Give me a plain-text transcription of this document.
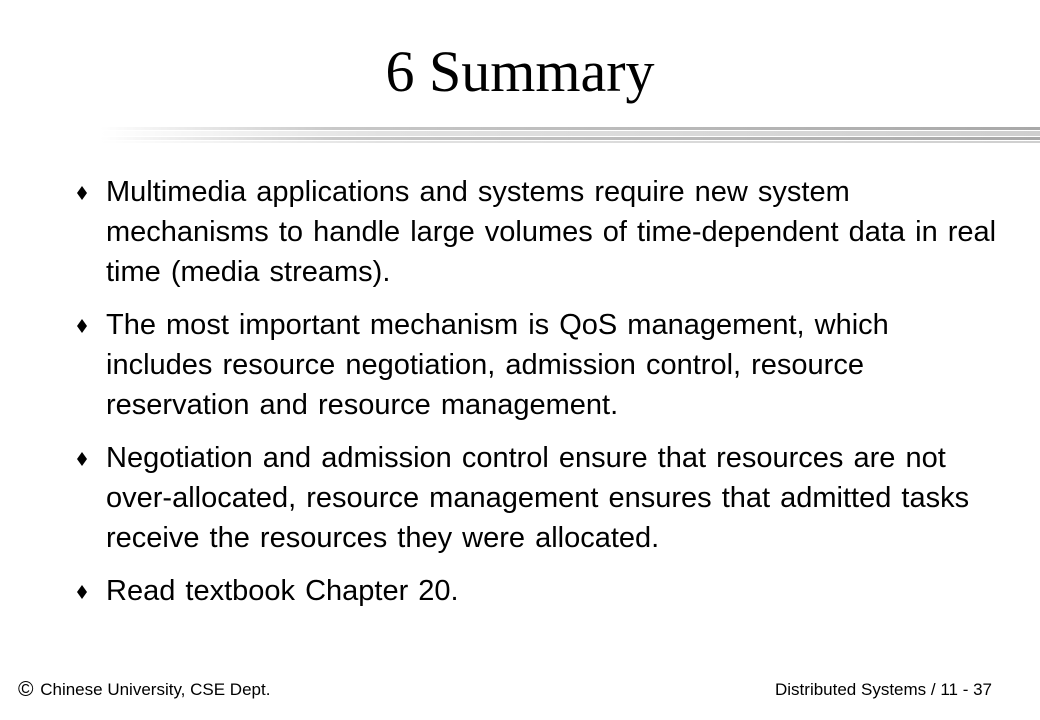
6 Summary
Multimedia applications and systems require new system mechanisms to handle large volumes of time-dependent data in real time (media streams).
The most important mechanism is QoS management, which includes resource negotiation, admission control, resource reservation and resource management.
Negotiation and admission control ensure that resources are not over-allocated, resource management ensures that admitted tasks receive the resources they were allocated.
Read textbook Chapter 20.
© Chinese University, CSE Dept.	Distributed Systems / 11 - 37
